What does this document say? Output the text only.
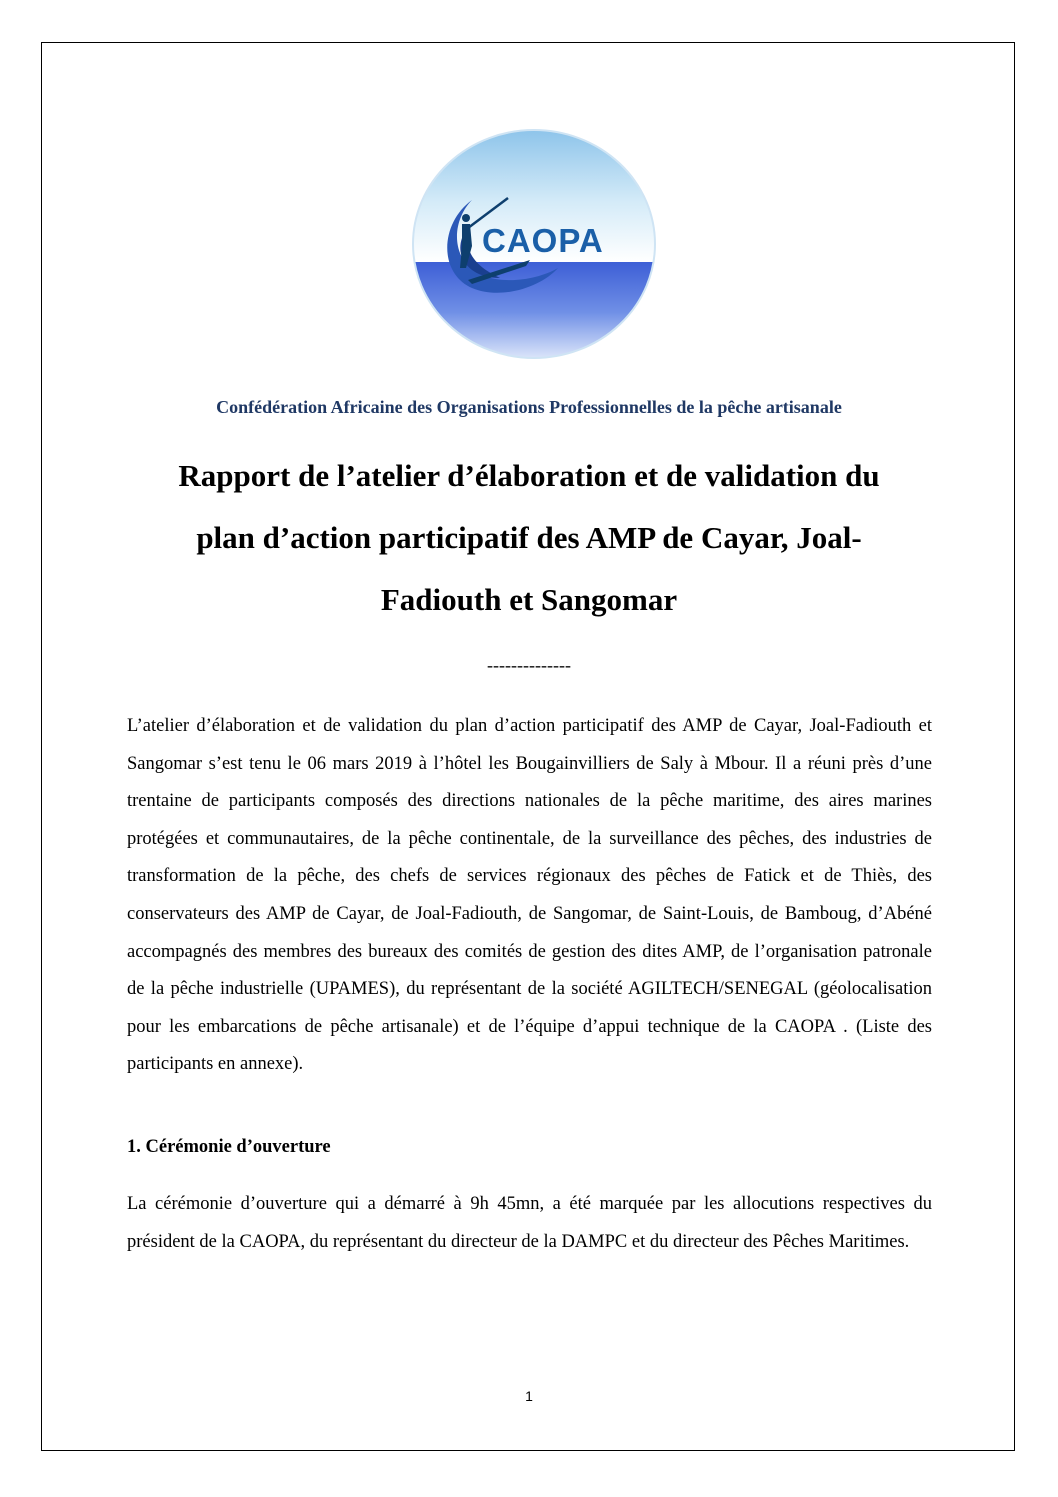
CAOPA
Confédération Africaine des Organisations Professionnelles de la pêche artisanale
Rapport de l’atelier d’élaboration et de validation du
plan d’action participatif des AMP de Cayar, Joal-
Fadiouth et Sangomar
--------------

L’atelier d’élaboration et de validation du plan d’action participatif des AMP de Cayar, Joal-Fadiouth et Sangomar s’est tenu le 06 mars 2019 à l’hôtel les Bougainvilliers de Saly à Mbour. Il a réuni près d’une trentaine de participants composés des directions nationales de la pêche maritime, des aires marines protégées et communautaires, de la pêche continentale, de la surveillance des pêches, des industries de transformation de la pêche, des chefs de services régionaux des pêches de Fatick et de Thiès, des conservateurs des AMP de Cayar, de Joal-Fadiouth, de Sangomar, de Saint-Louis, de Bamboug, d’Abéné accompagnés des membres des bureaux des comités de gestion des dites AMP, de l’organisation patronale de la pêche industrielle (UPAMES), du représentant de la société AGILTECH/SENEGAL (géolocalisation pour les embarcations de pêche artisanale) et de l’équipe d’appui technique de la CAOPA . (Liste des participants en annexe).

1. Cérémonie d’ouverture

La cérémonie d’ouverture qui a démarré à 9h 45mn, a été marquée par les allocutions respectives du président de la CAOPA, du représentant du directeur de la DAMPC et du directeur des Pêches Maritimes.

1
